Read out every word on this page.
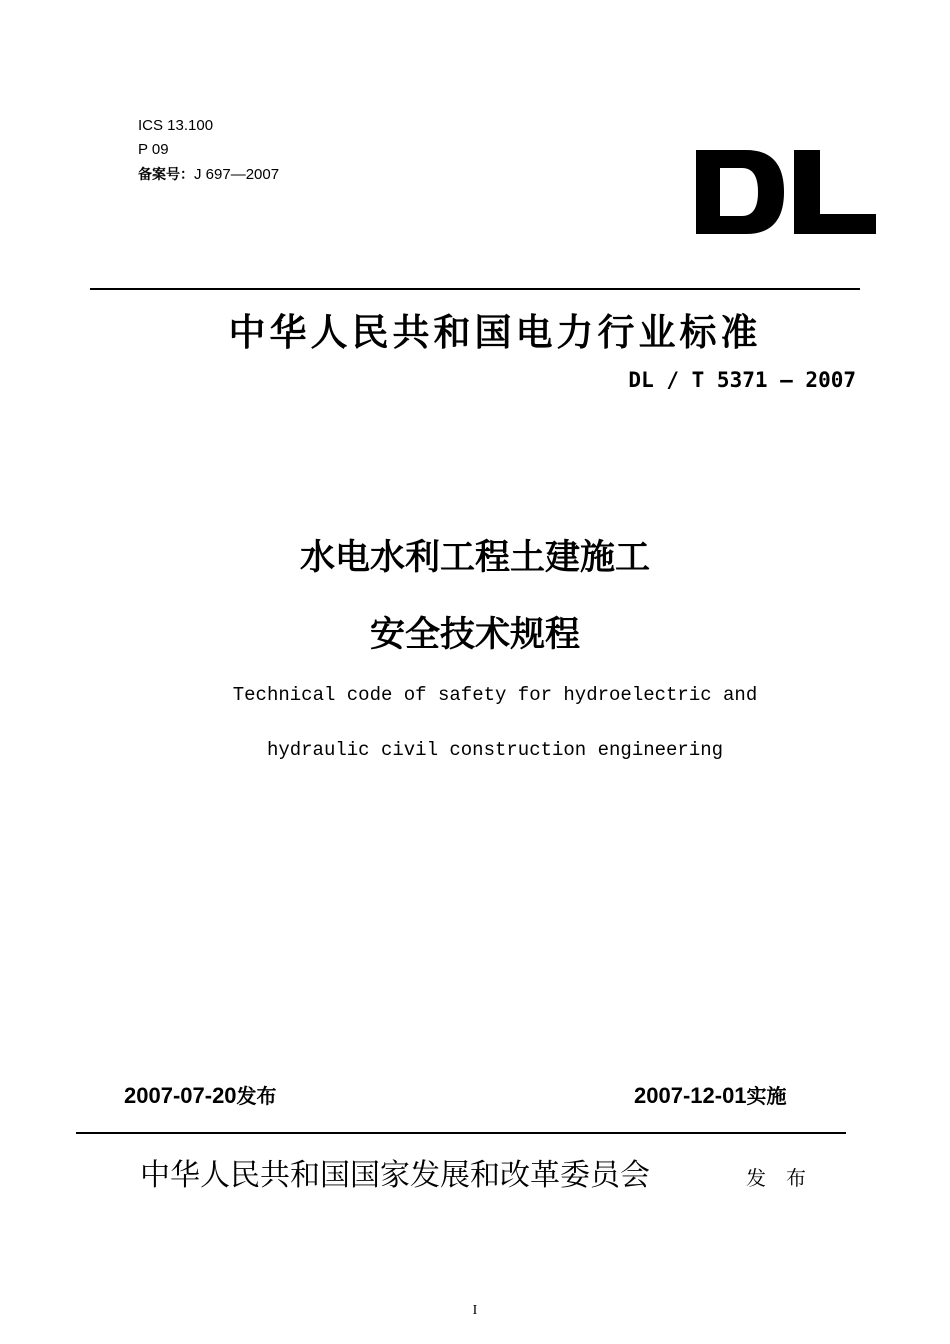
ICS 13.100
P 09
备案号：J 697—2007
中华人民共和国电力行业标准
DL / T 5371 — 2007
水电水利工程土建施工
安全技术规程
Technical code of safety for hydroelectric and
hydraulic civil construction engineering
2007-07-20发布	2007-12-01实施
中华人民共和国国家发展和改革委员会	发布
I
